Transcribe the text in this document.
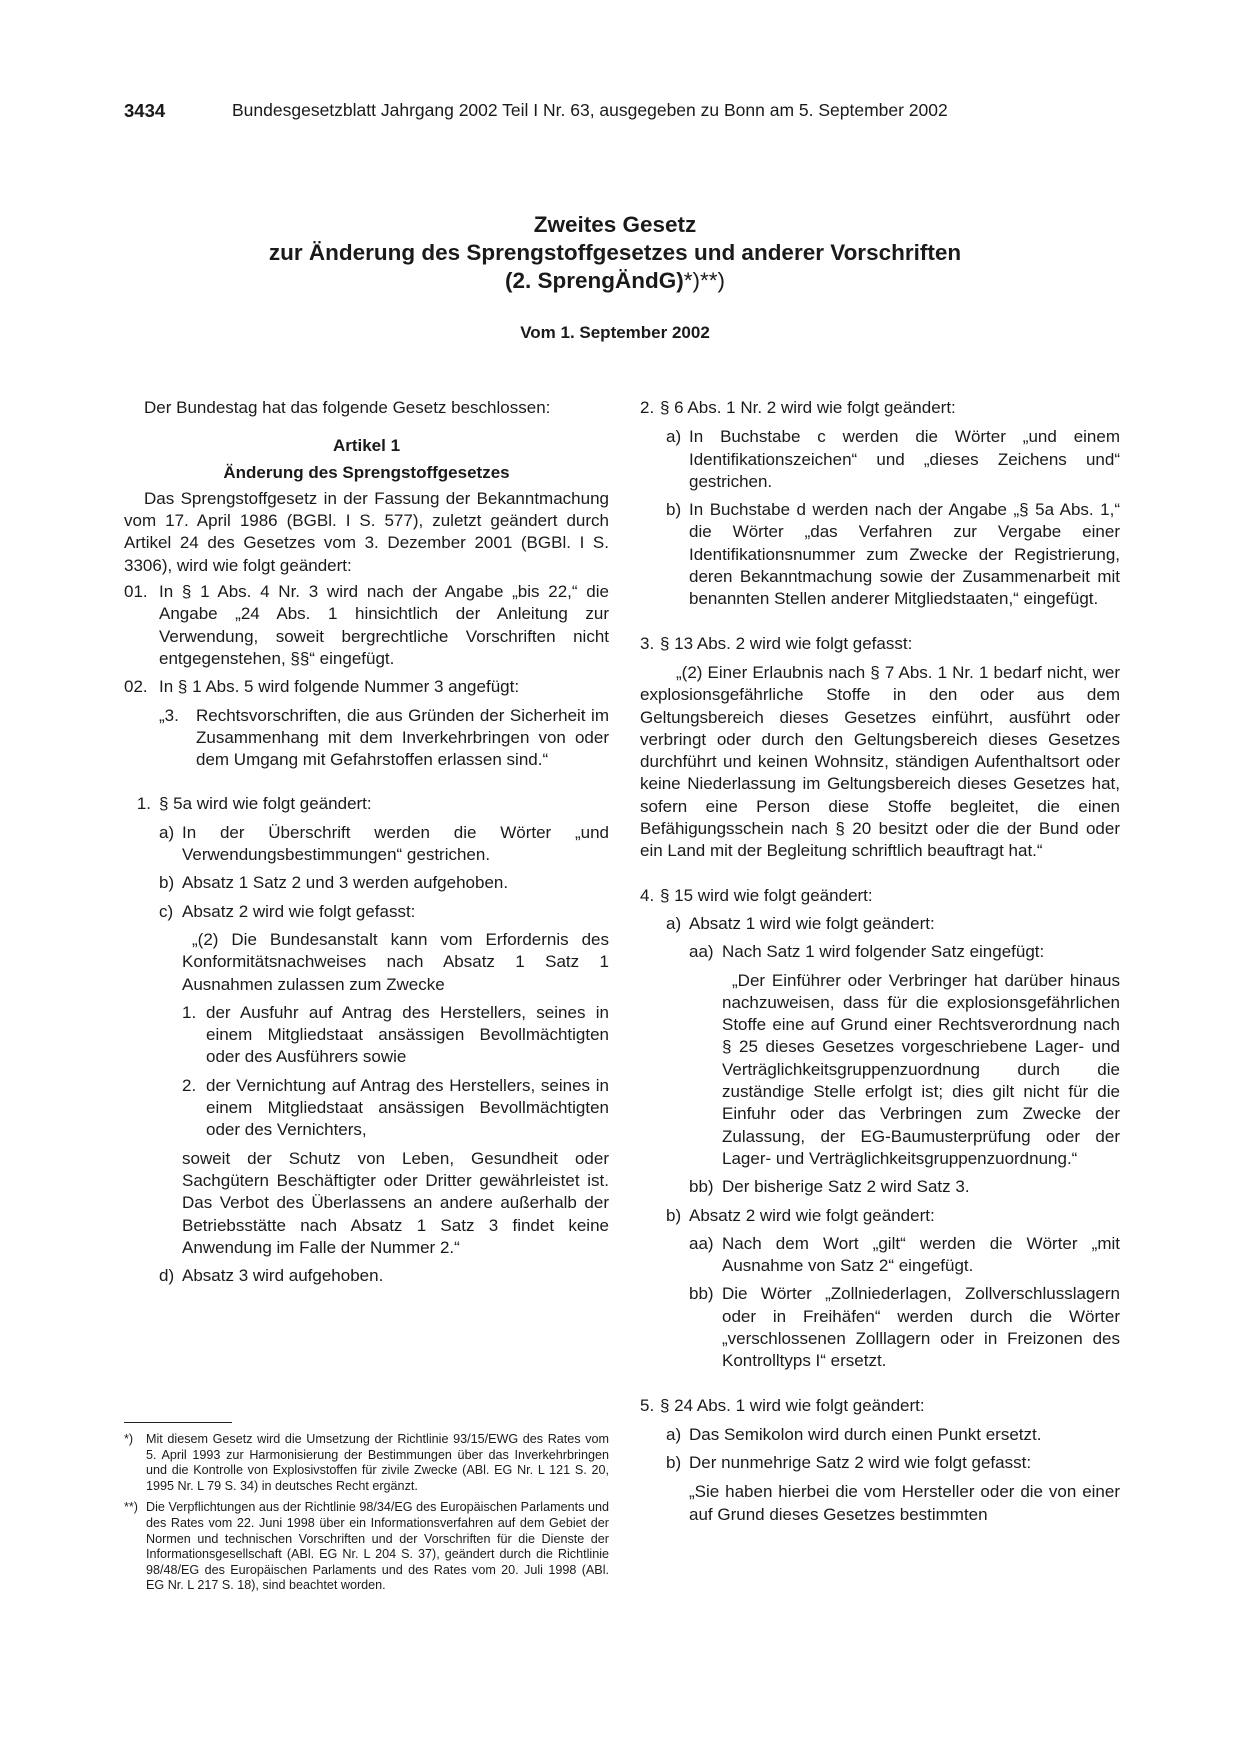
3434	Bundesgesetzblatt Jahrgang 2002 Teil I Nr. 63, ausgegeben zu Bonn am 5. September 2002
Zweites Gesetz
zur Änderung des Sprengstoffgesetzes und anderer Vorschriften
(2. SprengÄndG)*)**)
Vom 1. September 2002

Der Bundestag hat das folgende Gesetz beschlossen:

Artikel 1

Änderung des Sprengstoffgesetzes

Das Sprengstoffgesetz in der Fassung der Bekanntmachung vom 17. April 1986 (BGBl. I S. 577), zuletzt geändert durch Artikel 24 des Gesetzes vom 3. Dezember 2001 (BGBl. I S. 3306), wird wie folgt geändert:

01. In § 1 Abs. 4 Nr. 3 wird nach der Angabe „bis 22,“ die Angabe „24 Abs. 1 hinsichtlich der Anleitung zur Verwendung, soweit bergrechtliche Vorschriften nicht entgegenstehen, §§“ eingefügt.
02. In § 1 Abs. 5 wird folgende Nummer 3 angefügt:
„3.	Rechtsvorschriften, die aus Gründen der Sicherheit im Zusammenhang mit dem Inverkehrbringen von oder dem Umgang mit Gefahrstoffen erlassen sind.“
1. § 5a wird wie folgt geändert:
a) In der Überschrift werden die Wörter „und Verwendungsbestimmungen“ gestrichen.
b) Absatz 1 Satz 2 und 3 werden aufgehoben.
c) Absatz 2 wird wie folgt gefasst:

„(2) Die Bundesanstalt kann vom Erfordernis des Konformitätsnachweises nach Absatz 1 Satz 1 Ausnahmen zulassen zum Zwecke

1. der Ausfuhr auf Antrag des Herstellers, seines in einem Mitgliedstaat ansässigen Bevollmächtigten oder des Ausführers sowie
2. der Vernichtung auf Antrag des Herstellers, seines in einem Mitgliedstaat ansässigen Bevollmächtigten oder des Vernichters,

soweit der Schutz von Leben, Gesundheit oder Sachgütern Beschäftigter oder Dritter gewährleistet ist. Das Verbot des Überlassens an andere außerhalb der Betriebsstätte nach Absatz 1 Satz 3 findet keine Anwendung im Falle der Nummer 2.“

d) Absatz 3 wird aufgehoben.
2. § 6 Abs. 1 Nr. 2 wird wie folgt geändert:
a) In Buchstabe c werden die Wörter „und einem Identifikationszeichen“ und „dieses Zeichens und“ gestrichen.
b) In Buchstabe d werden nach der Angabe „§ 5a Abs. 1,“ die Wörter „das Verfahren zur Vergabe einer Identifikationsnummer zum Zwecke der Registrierung, deren Bekanntmachung sowie der Zusammenarbeit mit benannten Stellen anderer Mitgliedstaaten,“ eingefügt.
3. § 13 Abs. 2 wird wie folgt gefasst:

„(2) Einer Erlaubnis nach § 7 Abs. 1 Nr. 1 bedarf nicht, wer explosionsgefährliche Stoffe in den oder aus dem Geltungsbereich dieses Gesetzes einführt, ausführt oder verbringt oder durch den Geltungsbereich dieses Gesetzes durchführt und keinen Wohnsitz, ständigen Aufenthaltsort oder keine Niederlassung im Geltungsbereich dieses Gesetzes hat, sofern eine Person diese Stoffe begleitet, die einen Befähigungsschein nach § 20 besitzt oder die der Bund oder ein Land mit der Begleitung schriftlich beauftragt hat.“

4. § 15 wird wie folgt geändert:
a) Absatz 1 wird wie folgt geändert:
aa) Nach Satz 1 wird folgender Satz eingefügt:

„Der Einführer oder Verbringer hat darüber hinaus nachzuweisen, dass für die explosionsgefährlichen Stoffe eine auf Grund einer Rechtsverordnung nach § 25 dieses Gesetzes vorgeschriebene Lager- und Verträglichkeitsgruppenzuordnung durch die zuständige Stelle erfolgt ist; dies gilt nicht für die Einfuhr oder das Verbringen zum Zwecke der Zulassung, der EG-Baumusterprüfung oder der Lager- und Verträglichkeitsgruppenzuordnung.“

bb) Der bisherige Satz 2 wird Satz 3.
b) Absatz 2 wird wie folgt geändert:
aa) Nach dem Wort „gilt“ werden die Wörter „mit Ausnahme von Satz 2“ eingefügt.
bb) Die Wörter „Zollniederlagen, Zollverschlusslagern oder in Freihäfen“ werden durch die Wörter „verschlossenen Zolllagern oder in Freizonen des Kontrolltyps I“ ersetzt.
5. § 24 Abs. 1 wird wie folgt geändert:
a) Das Semikolon wird durch einen Punkt ersetzt.
b) Der nunmehrige Satz 2 wird wie folgt gefasst:

„Sie haben hierbei die vom Hersteller oder die von einer auf Grund dieses Gesetzes bestimmten

*)	Mit diesem Gesetz wird die Umsetzung der Richtlinie 93/15/EWG des Rates vom 5. April 1993 zur Harmonisierung der Bestimmungen über das Inverkehrbringen und die Kontrolle von Explosivstoffen für zivile Zwecke (ABl. EG Nr. L 121 S. 20, 1995 Nr. L 79 S. 34) in deutsches Recht ergänzt.
**) Die Verpflichtungen aus der Richtlinie 98/34/EG des Europäischen Parlaments und des Rates vom 22. Juni 1998 über ein Informationsverfahren auf dem Gebiet der Normen und technischen Vorschriften und der Vorschriften für die Dienste der Informationsgesellschaft (ABl. EG Nr. L 204 S. 37), geändert durch die Richtlinie 98/48/EG des Europäischen Parlaments und des Rates vom 20. Juli 1998 (ABl. EG Nr. L 217 S. 18), sind beachtet worden.
